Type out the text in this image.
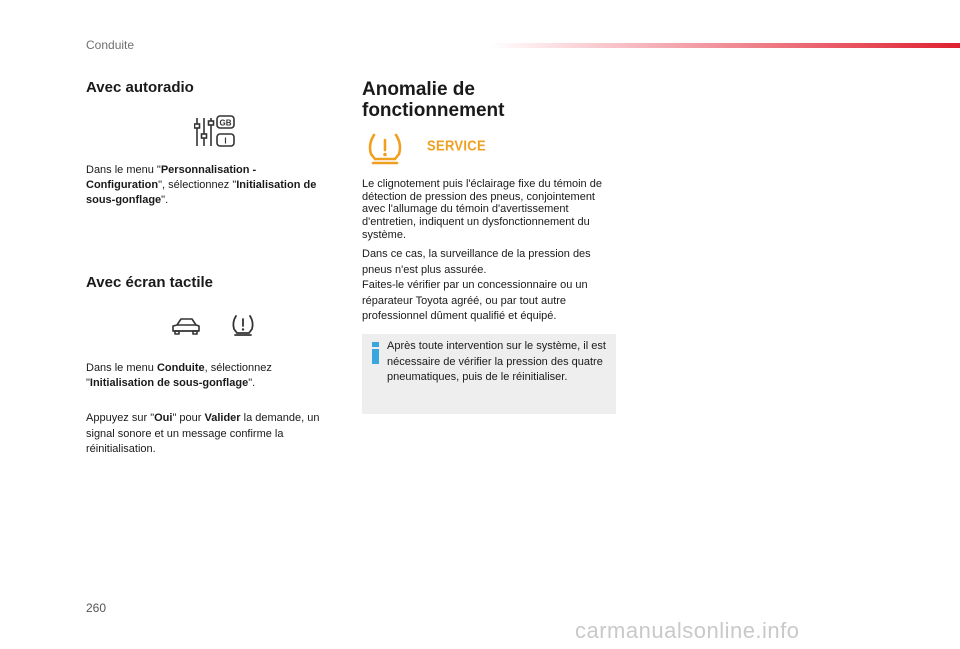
Conduite
Avec autoradio
GB
I
Dans le menu "Personnalisation - Configuration", sélectionnez "Initialisation de sous-gonflage".
Avec écran tactile
Dans le menu Conduite, sélectionnez "Initialisation de sous-gonflage".
Appuyez sur "Oui" pour Valider la demande, un signal sonore et un message confirme la réinitialisation.
Anomalie de
fonctionnement
SERVICE
Le clignotement puis l'éclairage fixe du témoin de détection de pression des pneus, conjointement avec l'allumage du témoin d'avertissement d'entretien, indiquent un dysfonctionnement du système.
Dans ce cas, la surveillance de la pression des pneus n'est plus assurée.
Faites-le vérifier par un concessionnaire ou un réparateur Toyota agréé, ou par tout autre professionnel dûment qualifié et équipé.
Après toute intervention sur le système, il est nécessaire de vérifier la pression des quatre pneumatiques, puis de le réinitialiser.
260
carmanualsonline.info
